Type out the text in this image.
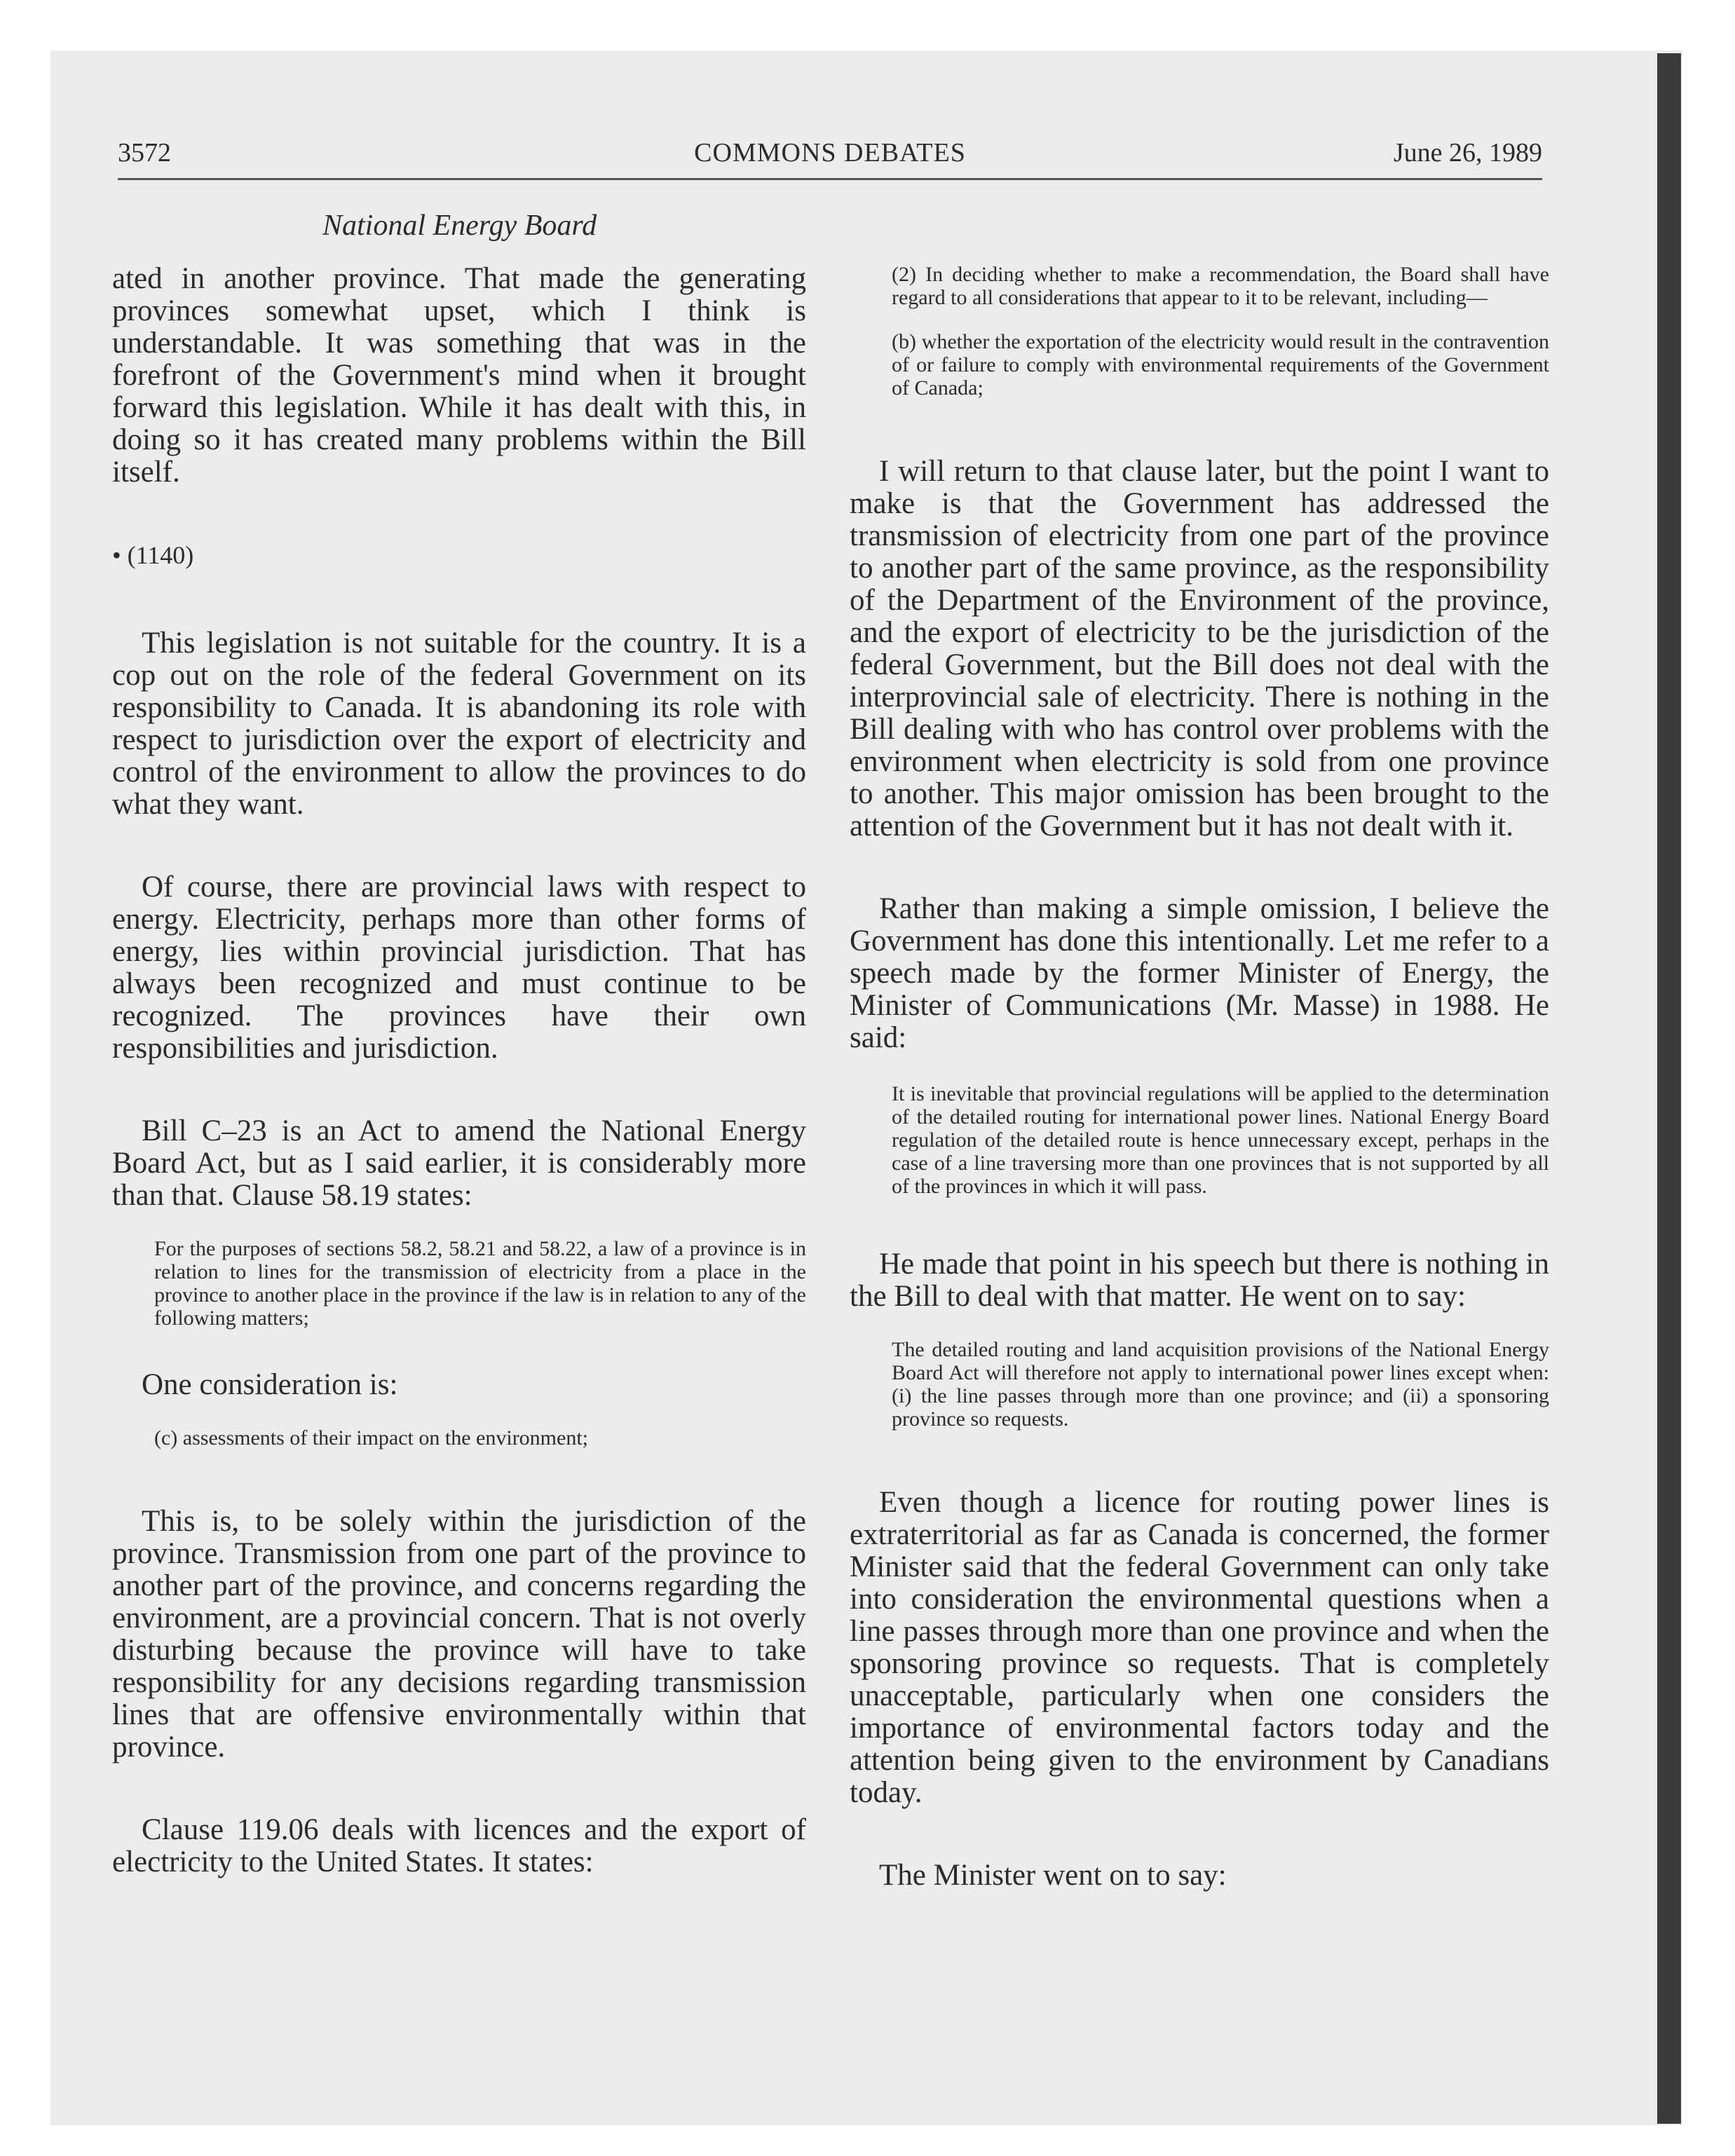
3572	COMMONS DEBATES	June 26, 1989
National Energy Board

ated in another province. That made the generating provinces somewhat upset, which I think is understandable. It was something that was in the forefront of the Government's mind when it brought forward this legislation. While it has dealt with this, in doing so it has created many problems within the Bill itself.

• (1140)

This legislation is not suitable for the country. It is a cop out on the role of the federal Government on its responsibility to Canada. It is abandoning its role with respect to jurisdiction over the export of electricity and control of the environment to allow the provinces to do what they want.

Of course, there are provincial laws with respect to energy. Electricity, perhaps more than other forms of energy, lies within provincial jurisdiction. That has always been recognized and must continue to be recognized. The provinces have their own responsibilities and jurisdiction.

Bill C–23 is an Act to amend the National Energy Board Act, but as I said earlier, it is considerably more than that. Clause 58.19 states:

For the purposes of sections 58.2, 58.21 and 58.22, a law of a province is in relation to lines for the transmission of electricity from a place in the province to another place in the province if the law is in relation to any of the following matters;

One consideration is:

(c) assessments of their impact on the environment;

This is, to be solely within the jurisdiction of the province. Transmission from one part of the province to another part of the province, and concerns regarding the environment, are a provincial concern. That is not overly disturbing because the province will have to take responsibility for any decisions regarding transmission lines that are offensive environmentally within that province.

Clause 119.06 deals with licences and the export of electricity to the United States. It states:

(2) In deciding whether to make a recommendation, the Board shall have regard to all considerations that appear to it to be relevant, including—

(b) whether the exportation of the electricity would result in the contravention of or failure to comply with environmental requirements of the Government of Canada;

I will return to that clause later, but the point I want to make is that the Government has addressed the transmission of electricity from one part of the province to another part of the same province, as the responsibility of the Department of the Environment of the province, and the export of electricity to be the jurisdiction of the federal Government, but the Bill does not deal with the interprovincial sale of electricity. There is nothing in the Bill dealing with who has control over problems with the environment when electricity is sold from one province to another. This major omission has been brought to the attention of the Government but it has not dealt with it.

Rather than making a simple omission, I believe the Government has done this intentionally. Let me refer to a speech made by the former Minister of Energy, the Minister of Communications (Mr. Masse) in 1988. He said:

It is inevitable that provincial regulations will be applied to the determination of the detailed routing for international power lines. National Energy Board regulation of the detailed route is hence unnecessary except, perhaps in the case of a line traversing more than one provinces that is not supported by all of the provinces in which it will pass.

He made that point in his speech but there is nothing in the Bill to deal with that matter. He went on to say:

The detailed routing and land acquisition provisions of the National Energy Board Act will therefore not apply to international power lines except when: (i) the line passes through more than one province; and (ii) a sponsoring province so requests.

Even though a licence for routing power lines is extraterritorial as far as Canada is concerned, the former Minister said that the federal Government can only take into consideration the environmental questions when a line passes through more than one province and when the sponsoring province so requests. That is completely unacceptable, particularly when one considers the importance of environmental factors today and the attention being given to the environment by Canadians today.

The Minister went on to say:
